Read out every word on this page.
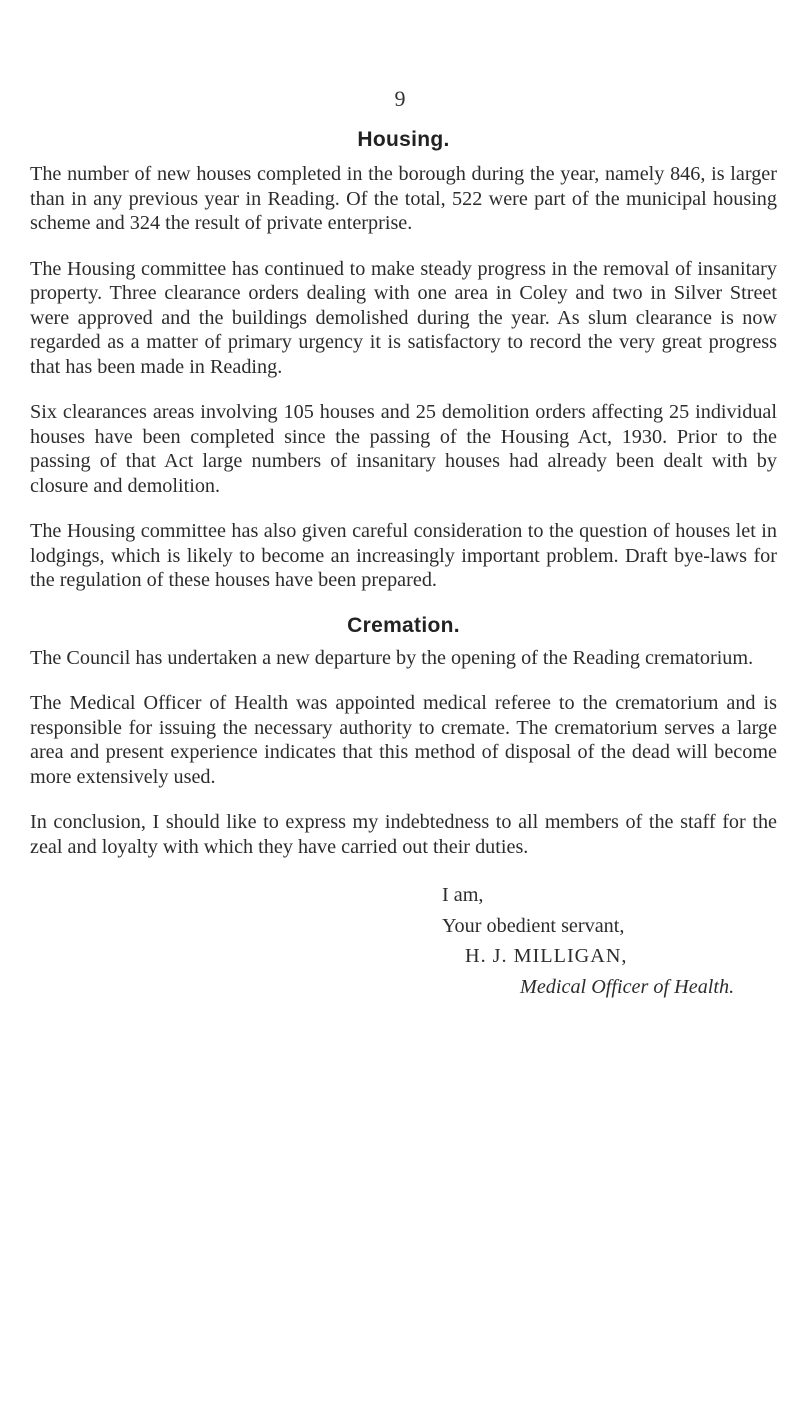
9
Housing.

The number of new houses completed in the borough during the year, namely 846, is larger than in any previous year in Reading. Of the total, 522 were part of the municipal housing scheme and 324 the result of private enterprise.

The Housing committee has continued to make steady progress in the removal of insanitary property. Three clearance orders dealing with one area in Coley and two in Silver Street were approved and the buildings demolished during the year. As slum clearance is now regarded as a matter of primary urgency it is satisfactory to record the very great progress that has been made in Reading.

Six clearances areas involving 105 houses and 25 demolition orders affecting 25 individual houses have been completed since the passing of the Housing Act, 1930. Prior to the passing of that Act large numbers of insanitary houses had already been dealt with by closure and demolition.

The Housing committee has also given careful consideration to the question of houses let in lodgings, which is likely to become an increasingly important problem. Draft bye-laws for the regulation of these houses have been prepared.

Cremation.

The Council has undertaken a new departure by the opening of the Reading crematorium.

The Medical Officer of Health was appointed medical referee to the crematorium and is responsible for issuing the necessary authority to cremate. The crematorium serves a large area and present experience indicates that this method of disposal of the dead will become more extensively used.

In conclusion, I should like to express my indebtedness to all members of the staff for the zeal and loyalty with which they have carried out their duties.

I am,
Your obedient servant,
H. J. MILLIGAN,
Medical Officer of Health.
